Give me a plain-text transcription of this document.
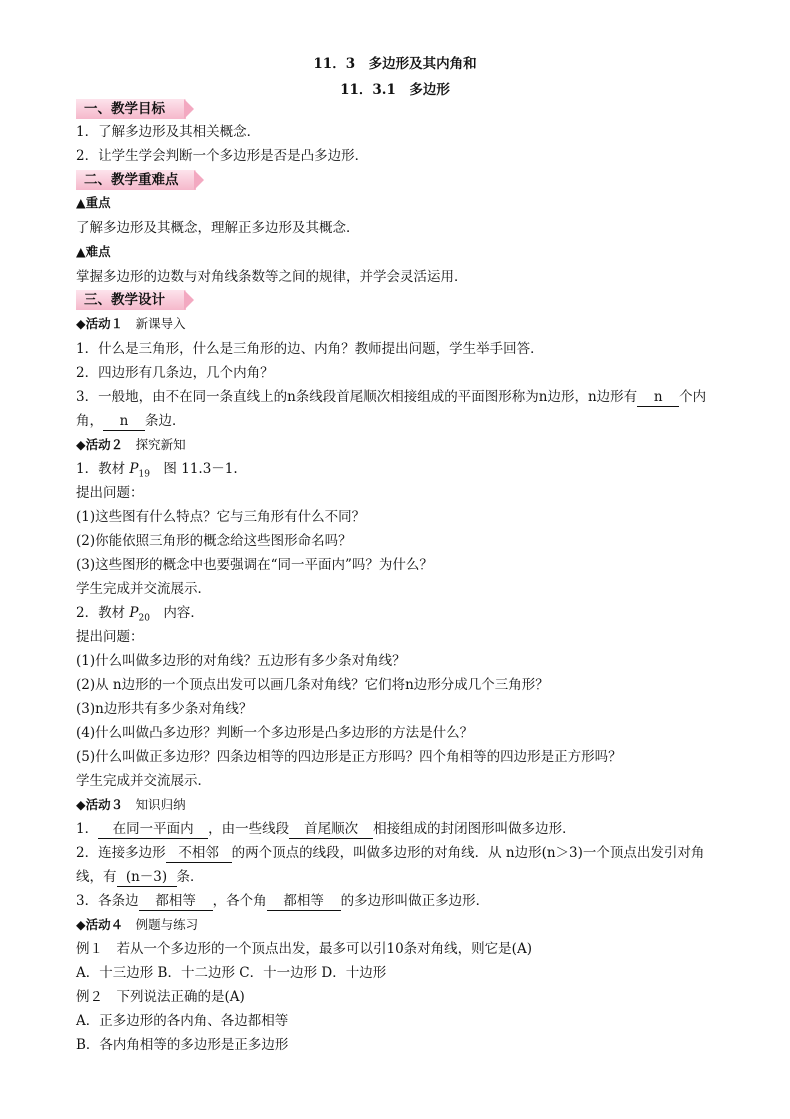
11．3　多边形及其内角和
11．3.1　多边形
一、教学目标
1．了解多边形及其相关概念．
2．让学生学会判断一个多边形是否是凸多边形．
二、教学重难点
▲重点
了解多边形及其概念，理解正多边形及其概念．
▲难点
掌握多边形的边数与对角线条数等之间的规律，并学会灵活运用．
三、教学设计
◆活动１　 新课导入
1．什么是三角形，什么是三角形的边、内角？教师提出问题，学生举手回答．
2．四边形有几条边，几个内角？
3．一般地，由不在同一条直线上的n条线段首尾顺次相接组成的平面图形称为n边形，n边形有 n 个内
角， n 条边．
◆活动２　 探究新知
1．教材 $P_{19}$　图 11.3－1.
提出问题：
(1)这些图有什么特点？它与三角形有什么不同？
(2)你能依照三角形的概念给这些图形命名吗？
(3)这些图形的概念中也要强调在“同一平面内”吗？为什么？
学生完成并交流展示．
2．教材 $P_{20}$　内容．
提出问题：
(1)什么叫做多边形的对角线？五边形有多少条对角线？
(2)从 n边形的一个顶点出发可以画几条对角线？它们将n边形分成几个三角形？
(3)n边形共有多少条对角线？
(4)什么叫做凸多边形？判断一个多边形是凸多边形的方法是什么？
(5)什么叫做正多边形？四条边相等的四边形是正方形吗？四个角相等的四边形是正方形吗？
学生完成并交流展示．
◆活动３　 知识归纳
1． 在同一平面内 ，由一些线段 首尾顺次 相接组成的封闭图形叫做多边形．
2．连接多边形 不相邻 的两个顶点的线段，叫做多边形的对角线．从 n边形(n＞3)一个顶点出发引对角
线，有 (n－3) 条．
3．各条边 都相等 ，各个角 都相等 的多边形叫做正多边形．
◆活动４　 例题与练习
例１　若从一个多边形的一个顶点出发，最多可以引10条对角线，则它是(A)
A．十三边形 B．十二边形 C．十一边形 D．十边形
例２　下列说法正确的是(A)
A．正多边形的各内角、各边都相等
B．各内角相等的多边形是正多边形
